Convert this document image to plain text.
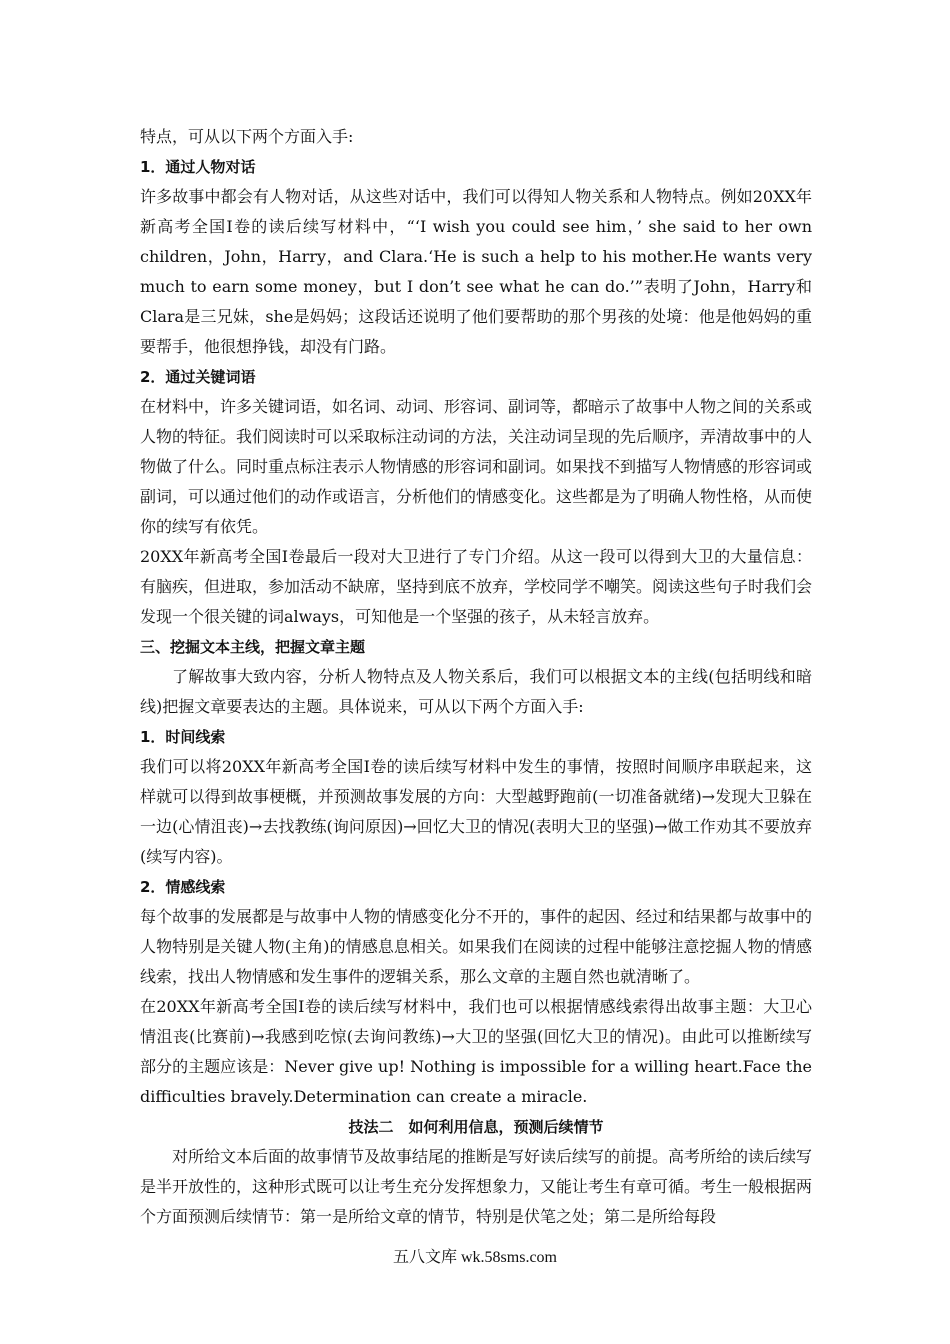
特点，可从以下两个方面入手:

1．通过人物对话

许多故事中都会有人物对话，从这些对话中，我们可以得知人物关系和人物特点。例如20XX年新高考全国Ⅰ卷的读后续写材料中，“‘I wish you could see him，’ she said to her own children，John，Harry，and Clara.‘He is such a help to his mother.He wants very much to earn some money，but I don’t see what he can do.’”表明了John，Harry和Clara是三兄妹，she是妈妈；这段话还说明了他们要帮助的那个男孩的处境：他是他妈妈的重要帮手，他很想挣钱，却没有门路。

2．通过关键词语

在材料中，许多关键词语，如名词、动词、形容词、副词等，都暗示了故事中人物之间的关系或人物的特征。我们阅读时可以采取标注动词的方法，关注动词呈现的先后顺序，弄清故事中的人物做了什么。同时重点标注表示人物情感的形容词和副词。如果找不到描写人物情感的形容词或副词，可以通过他们的动作或语言，分析他们的情感变化。这些都是为了明确人物性格，从而使你的续写有依凭。

20XX年新高考全国Ⅰ卷最后一段对大卫进行了专门介绍。从这一段可以得到大卫的大量信息：有脑疾，但进取，参加活动不缺席，坚持到底不放弃，学校同学不嘲笑。阅读这些句子时我们会发现一个很关键的词always，可知他是一个坚强的孩子，从未轻言放弃。

三、挖掘文本主线，把握文章主题

了解故事大致内容，分析人物特点及人物关系后，我们可以根据文本的主线(包括明线和暗线)把握文章要表达的主题。具体说来，可从以下两个方面入手:

1．时间线索

我们可以将20XX年新高考全国Ⅰ卷的读后续写材料中发生的事情，按照时间顺序串联起来，这样就可以得到故事梗概，并预测故事发展的方向：大型越野跑前(一切准备就绪)→发现大卫躲在一边(心情沮丧)→去找教练(询问原因)→回忆大卫的情况(表明大卫的坚强)→做工作劝其不要放弃(续写内容)。

2．情感线索

每个故事的发展都是与故事中人物的情感变化分不开的，事件的起因、经过和结果都与故事中的人物特别是关键人物(主角)的情感息息相关。如果我们在阅读的过程中能够注意挖掘人物的情感线索，找出人物情感和发生事件的逻辑关系，那么文章的主题自然也就清晰了。

在20XX年新高考全国Ⅰ卷的读后续写材料中，我们也可以根据情感线索得出故事主题：大卫心情沮丧(比赛前)→我感到吃惊(去询问教练)→大卫的坚强(回忆大卫的情况)。由此可以推断续写部分的主题应该是：Never give up! Nothing is impossible for a willing heart.Face the difficulties bravely.Determination can create a miracle.

技法二　如何利用信息，预测后续情节

对所给文本后面的故事情节及故事结尾的推断是写好读后续写的前提。高考所给的读后续写是半开放性的，这种形式既可以让考生充分发挥想象力，又能让考生有章可循。考生一般根据两个方面预测后续情节：第一是所给文章的情节，特别是伏笔之处；第二是所给每段

五八文库 wk.58sms.com
